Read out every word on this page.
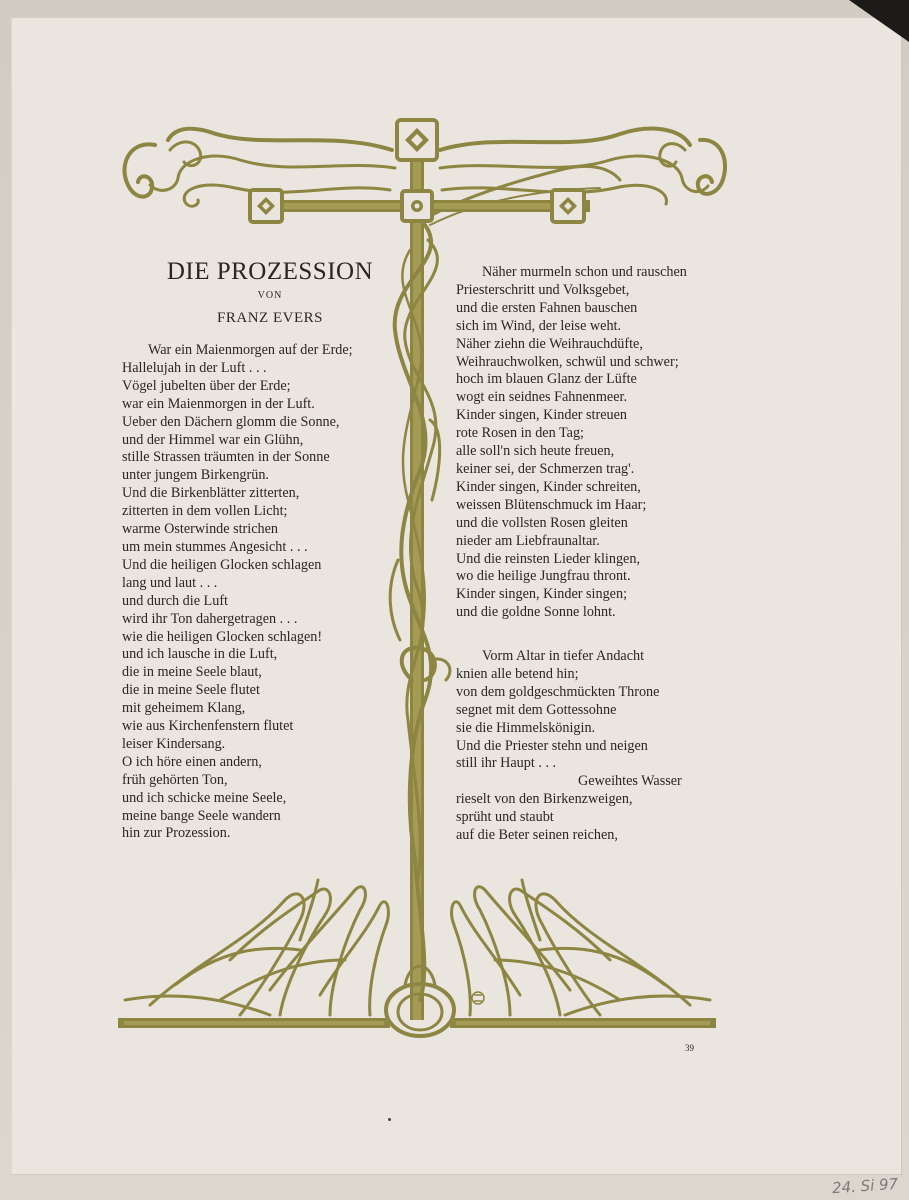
DIE PROZESSION
VON
FRANZ EVERS
War ein Maienmorgen auf der Erde;
Hallelujah in der Luft . . .
Vögel jubelten über der Erde;
war ein Maienmorgen in der Luft.
Ueber den Dächern glomm die Sonne,
und der Himmel war ein Glühn,
stille Strassen träumten in der Sonne
unter jungem Birkengrün.
Und die Birkenblätter zitterten,
zitterten in dem vollen Licht;
warme Osterwinde strichen
um mein stummes Angesicht . . .
Und die heiligen Glocken schlagen
lang und laut . . .
und durch die Luft
wird ihr Ton dahergetragen . . .
wie die heiligen Glocken schlagen!
und ich lausche in die Luft,
die in meine Seele blaut,
die in meine Seele flutet
mit geheimem Klang,
wie aus Kirchenfenstern flutet
leiser Kindersang.
O ich höre einen andern,
früh gehörten Ton,
und ich schicke meine Seele,
meine bange Seele wandern
hin zur Prozession.
Näher murmeln schon und rauschen
Priesterschritt und Volksgebet,
und die ersten Fahnen bauschen
sich im Wind, der leise weht.
Näher ziehn die Weihrauchdüfte,
Weihrauchwolken, schwül und schwer;
hoch im blauen Glanz der Lüfte
wogt ein seidnes Fahnenmeer.
Kinder singen, Kinder streuen
rote Rosen in den Tag;
alle soll'n sich heute freuen,
keiner sei, der Schmerzen trag'.
Kinder singen, Kinder schreiten,
weissen Blütenschmuck im Haar;
und die vollsten Rosen gleiten
nieder am Liebfraunaltar.
Und die reinsten Lieder klingen,
wo die heilige Jungfrau thront.
Kinder singen, Kinder singen;
und die goldne Sonne lohnt.
Vorm Altar in tiefer Andacht
knien alle betend hin;
von dem goldgeschmückten Throne
segnet mit dem Gottessohne
sie die Himmelskönigin.
Und die Priester stehn und neigen
still ihr Haupt . . .
Geweihtes Wasser
rieselt von den Birkenzweigen,
sprüht und staubt
auf die Beter seinen reichen,
39
24. Si 97
